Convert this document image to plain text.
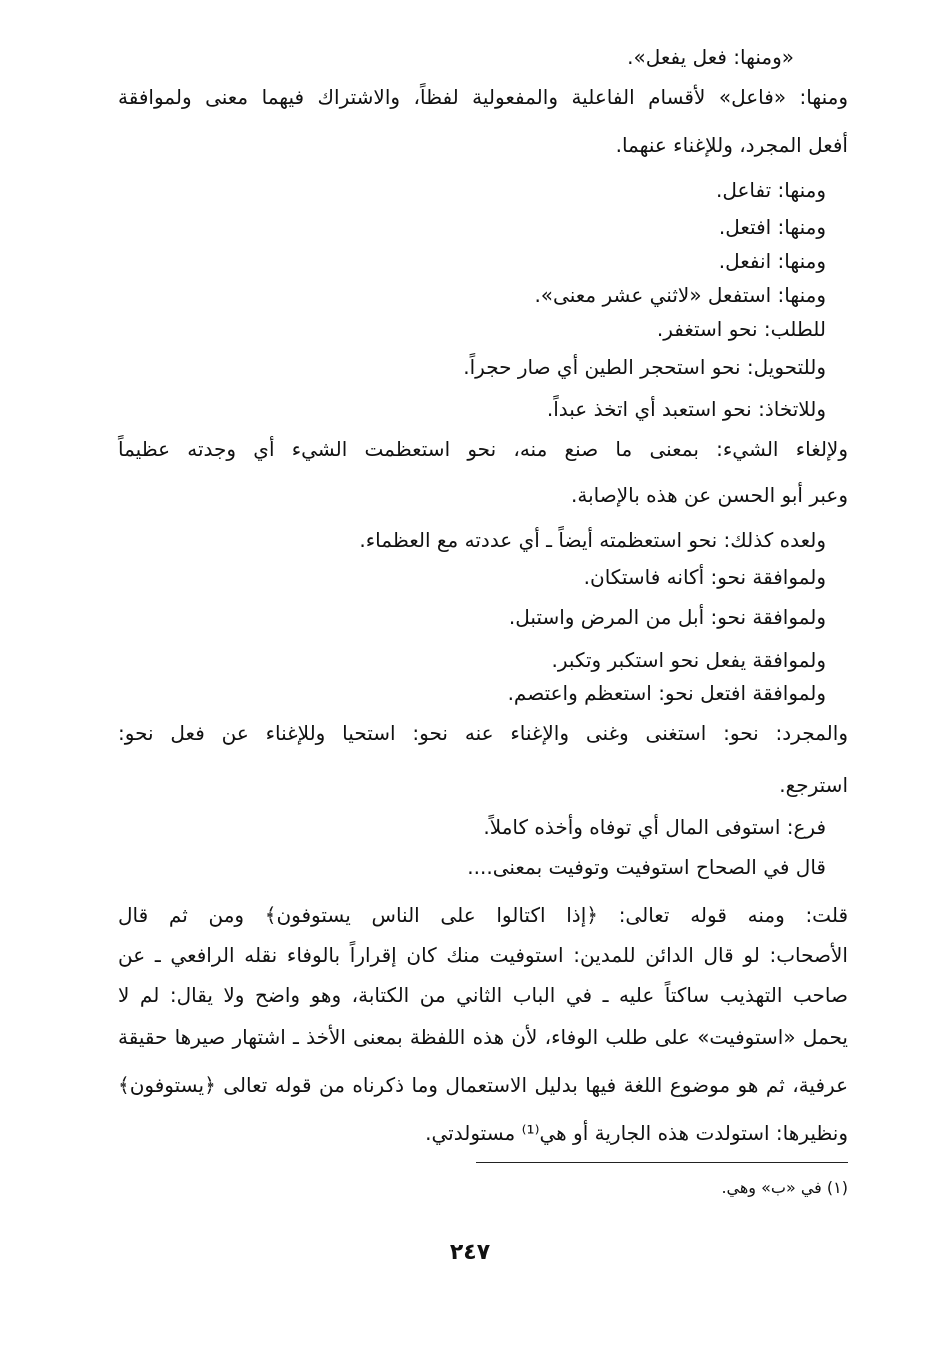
«ومنها: فعل يفعل».
ومنها: «فاعل» لأقسام الفاعلية والمفعولية لفظاً، والاشتراك فيهما معنى ولموافقة
أفعل المجرد، وللإغناء عنهما.
ومنها: تفاعل.
ومنها: افتعل.
ومنها: انفعل.
ومنها: استفعل «لاثني عشر معنى».
للطلب: نحو استغفر.
وللتحويل: نحو استحجر الطين أي صار حجراً.
وللاتخاذ: نحو استعبد أي اتخذ عبداً.
ولإلغاء الشيء: بمعنى ما صنع منه، نحو استعظمت الشيء أي وجدته عظيماً
وعبر أبو الحسن عن هذه بالإصابة.
ولعده كذلك: نحو استعظمته أيضاً ـ أي عددته مع العظماء.
ولموافقة نحو: أكانه فاستكان.
ولموافقة نحو: أبل من المرض واستبل.
ولموافقة يفعل نحو استكبر وتكبر.
ولموافقة افتعل نحو: استعظم واعتصم.
والمجرد: نحو: استغنى وغنى والإغناء عنه نحو: استحيا وللإغناء عن فعل نحو:
استرجع.
فرع: استوفى المال أي توفاه وأخذه كاملاً.
قال في الصحاح استوفيت وتوفيت بمعنى....
قلت: ومنه قوله تعالى: ﴿إذا اكتالوا على الناس يستوفون﴾ ومن ثم قال
الأصحاب: لو قال الدائن للمدين: استوفيت منك كان إقراراً بالوفاء نقله الرافعي ـ عن
صاحب التهذيب ساكتاً عليه ـ في الباب الثاني من الكتابة، وهو واضح ولا يقال: لم لا
يحمل «استوفيت» على طلب الوفاء، لأن هذه اللفظة بمعنى الأخذ ـ اشتهار صيرها حقيقة
عرفية، ثم هو موضوع اللغة فيها بدليل الاستعمال وما ذكرناه من قوله تعالى ﴿يستوفون﴾
ونظيرها: استولدت هذه الجارية أو هي⁽¹⁾ مستولدتي.
(١) في «ب» وهي.
٢٤٧
